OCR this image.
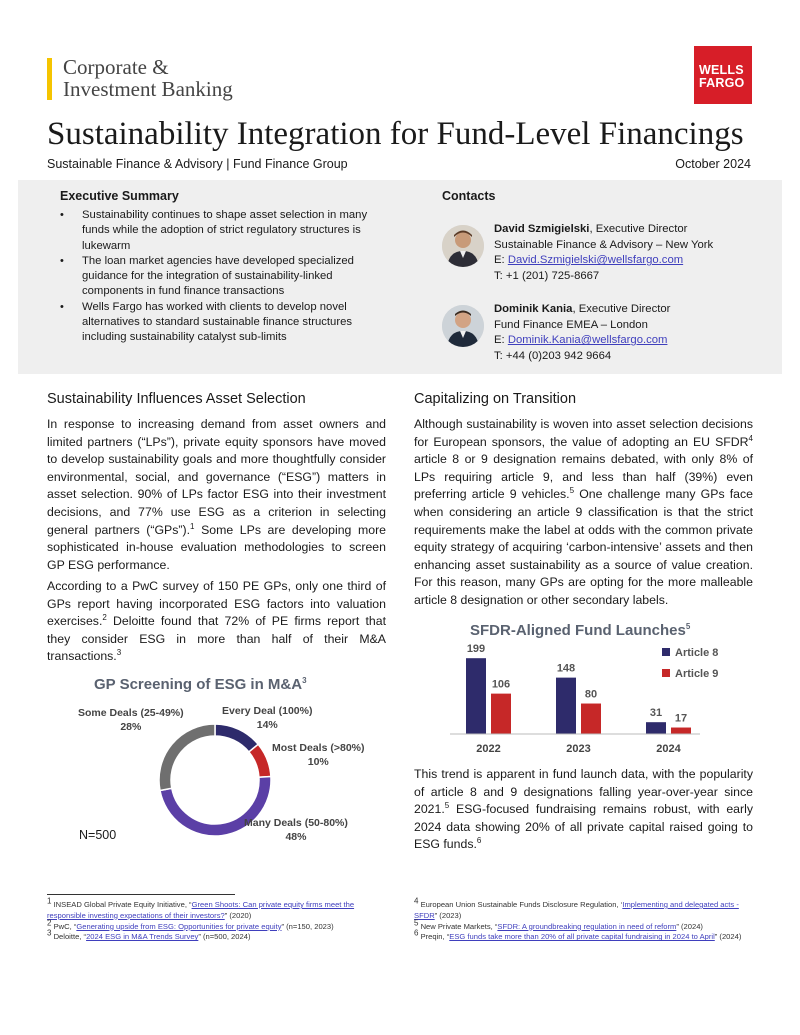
Corporate &
Investment Banking
WELLS
FARGO
Sustainability Integration for Fund-Level Financings
Sustainable Finance & Advisory | Fund Finance Group	October 2024
Executive Summary
• Sustainability continues to shape asset selection in many funds while the adoption of strict regulatory structures is lukewarm
• The loan market agencies have developed specialized guidance for the integration of sustainability-linked components in fund finance transactions
• Wells Fargo has worked with clients to develop novel alternatives to standard sustainable finance structures including sustainability catalyst sub-limits
Contacts
David Szmigielski, Executive Director
Sustainable Finance & Advisory – New York
E: David.Szmigielski@wellsfargo.com
T: +1 (201) 725-8667
Dominik Kania, Executive Director
Fund Finance EMEA – London
E: Dominik.Kania@wellsfargo.com
T: +44 (0)203 942 9664
Sustainability Influences Asset Selection
In response to increasing demand from asset owners and limited partners (“LPs”), private equity sponsors have moved to develop sustainability goals and more thoughtfully consider environmental, social, and governance (“ESG”) matters in asset selection. 90% of LPs factor ESG into their investment decisions, and 77% use ESG as a criterion in selecting general partners (“GPs”).$^1$ Some LPs are developing more sophisticated in-house evaluation methodologies to screen GP ESG performance.
According to a PwC survey of 150 PE GPs, only one third of GPs report having incorporated ESG factors into valuation exercises.$^2$ Deloitte found that 72% of PE firms report that they consider ESG in more than half of their M&A transactions.$^3$
GP Screening of ESG in $M\&A^3$
Every Deal (100%)
14%
Most Deals (>80%)
10%
Many Deals (50-80%)
48%
Some Deals (25-49%)
28%
N=500
Capitalizing on Transition
Although sustainability is woven into asset selection decisions for European sponsors, the value of adopting an EU SFDR$^4$ article 8 or 9 designation remains debated, with only 8% of LPs requiring article 9, and less than half (39%) even preferring article 9 vehicles.$^5$ One challenge many GPs face when considering an article 9 classification is that the strict requirements make the label at odds with the common private equity strategy of acquiring ‘carbon-intensive’ assets and then enhancing asset sustainability as a source of value creation. For this reason, many GPs are opting for the more malleable article 8 designation or other secondary labels.
SFDR-Aligned Fund Launches$^5$
199
106
2022
148
80
2023
31 17
2024
Article 8
Article 9
This trend is apparent in fund launch data, with the popularity of article 8 and 9 designations falling year-over-year since 2021.$^5$ ESG-focused fundraising remains robust, with early 2024 data showing 20% of all private capital raised going to ESG funds.$^6$
$^1$ INSEAD Global Private Equity Initiative, “Green Shoots: Can private equity firms meet the responsible investing expectations of their investors?” (2020)
$^2$ PwC, “Generating upside from ESG: Opportunities for private equity” (n=150, 2023)
$^3$ Deloitte, “2024 ESG in M&A Trends Survey” (n=500, 2024)
$^4$ European Union Sustainable Funds Disclosure Regulation, ‘Implementing and delegated acts - SFDR” (2023)
$^5$ New Private Markets, “SFDR: A groundbreaking regulation in need of reform” (2024)
$^6$ Preqin, “ESG funds take more than 20% of all private capital fundraising in 2024 to April” (2024)
